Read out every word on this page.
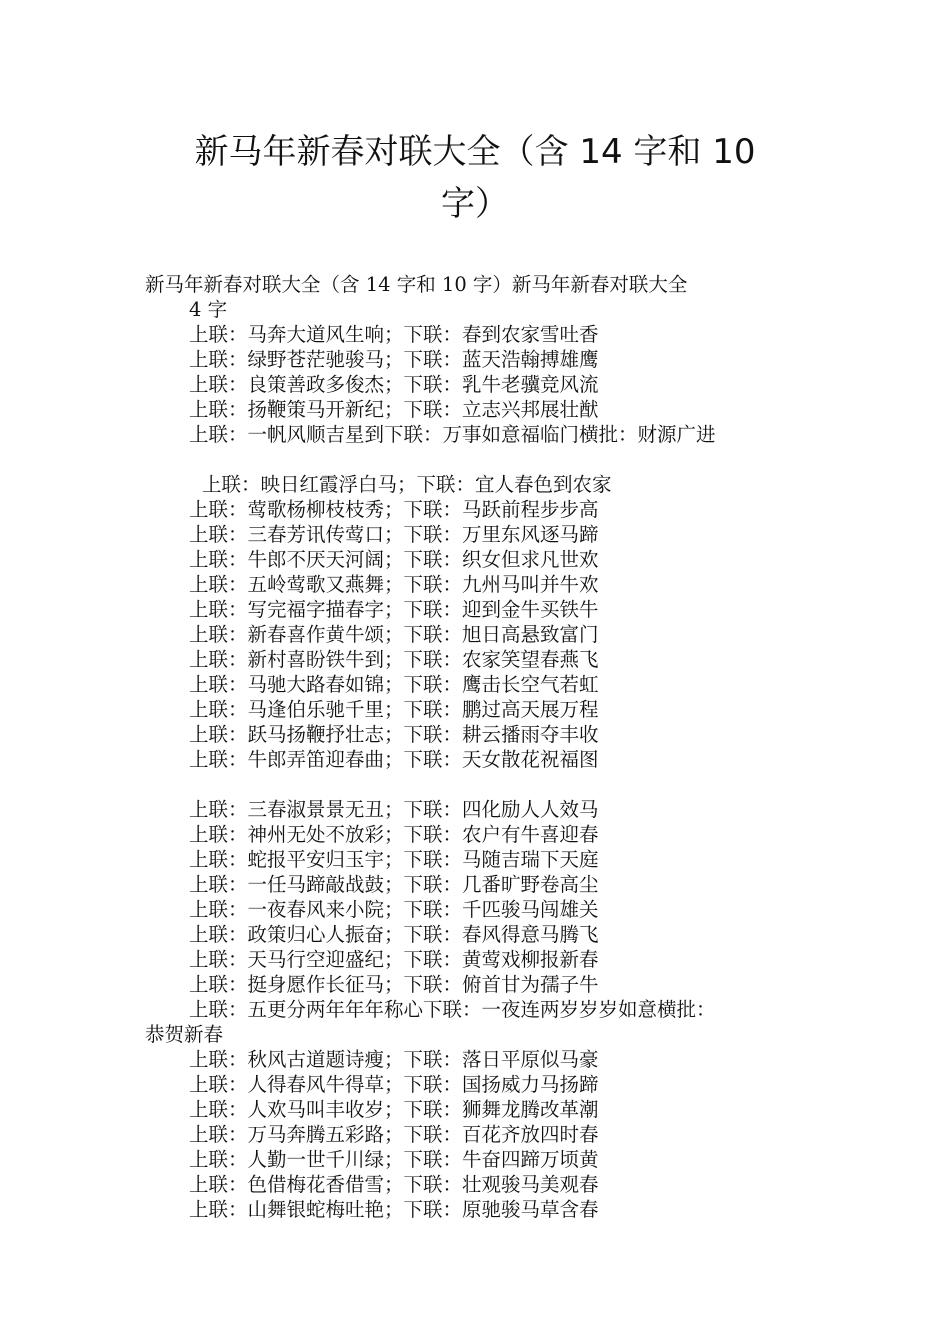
新马年新春对联大全（含 14 字和 10
字）
新马年新春对联大全（含 14 字和 10 字）新马年新春对联大全
4 字
上联：马奔大道风生响；下联：春到农家雪吐香
上联：绿野苍茫驰骏马；下联：蓝天浩翰搏雄鹰
上联：良策善政多俊杰；下联：乳牛老骥竞风流
上联：扬鞭策马开新纪；下联：立志兴邦展壮猷
上联：一帆风顺吉星到下联：万事如意福临门横批：财源广进
上联：映日红霞浮白马；下联：宜人春色到农家
上联：莺歌杨柳枝枝秀；下联：马跃前程步步高
上联：三春芳讯传莺口；下联：万里东风逐马蹄
上联：牛郎不厌天河阔；下联：织女但求凡世欢
上联：五岭莺歌又燕舞；下联：九州马叫并牛欢
上联：写完福字描春字；下联：迎到金牛买铁牛
上联：新春喜作黄牛颂；下联：旭日高悬致富门
上联：新村喜盼铁牛到；下联：农家笑望春燕飞
上联：马驰大路春如锦；下联：鹰击长空气若虹
上联：马逢伯乐驰千里；下联：鹏过高天展万程
上联：跃马扬鞭抒壮志；下联：耕云播雨夺丰收
上联：牛郎弄笛迎春曲；下联：天女散花祝福图
上联：三春淑景景无丑；下联：四化励人人效马
上联：神州无处不放彩；下联：农户有牛喜迎春
上联：蛇报平安归玉宇；下联：马随吉瑞下天庭
上联：一任马蹄敲战鼓；下联：几番旷野卷高尘
上联：一夜春风来小院；下联：千匹骏马闯雄关
上联：政策归心人振奋；下联：春风得意马腾飞
上联：天马行空迎盛纪；下联：黄莺戏柳报新春
上联：挺身愿作长征马；下联：俯首甘为孺子牛
上联：五更分两年年年称心下联：一夜连两岁岁岁如意横批：
恭贺新春
上联：秋风古道题诗瘦；下联：落日平原似马豪
上联：人得春风牛得草；下联：国扬威力马扬蹄
上联：人欢马叫丰收岁；下联：狮舞龙腾改革潮
上联：万马奔腾五彩路；下联：百花齐放四时春
上联：人勤一世千川绿；下联：牛奋四蹄万顷黄
上联：色借梅花香借雪；下联：壮观骏马美观春
上联：山舞银蛇梅吐艳；下联：原驰骏马草含春
